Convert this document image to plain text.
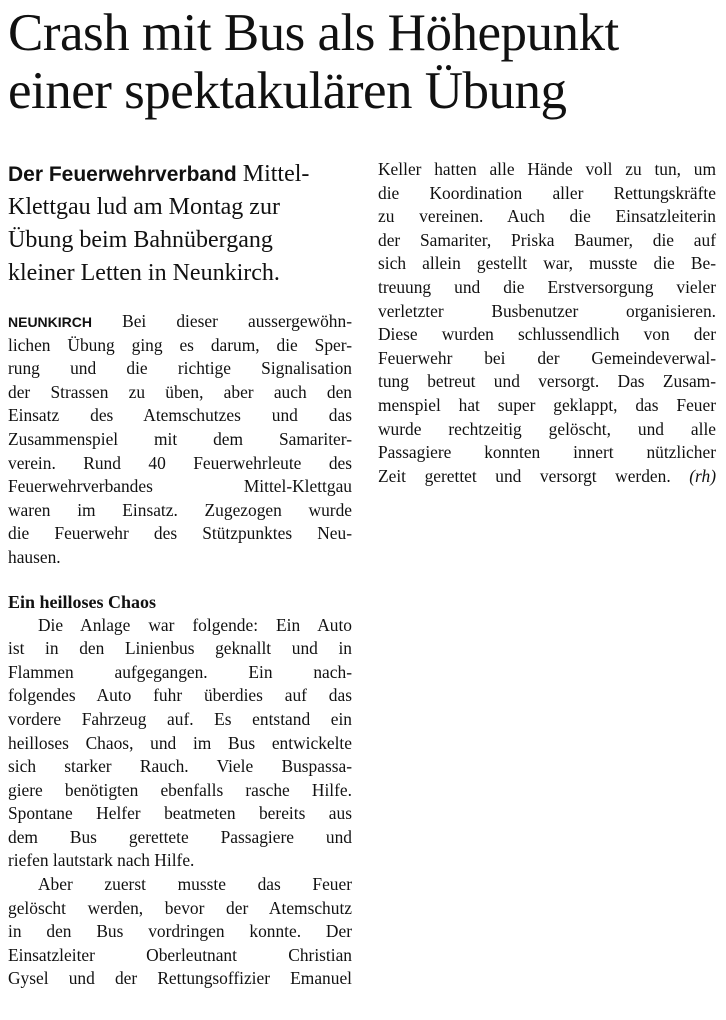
Crash mit Bus als Höhepunkt
einer spektakulären Übung

Der Feuerwehrverband Mittel-
Klettgau lud am Montag zur
Übung beim Bahnübergang
kleiner Letten in Neunkirch.

NEUNKIRCH Bei dieser aussergewöhn-
lichen Übung ging es darum, die Sper-
rung und die richtige Signalisation
der Strassen zu üben, aber auch den
Einsatz des Atemschutzes und das
Zusammenspiel mit dem Samariter-
verein. Rund 40 Feuerwehrleute des
Feuerwehrverbandes Mittel-Klettgau
waren im Einsatz. Zugezogen wurde
die Feuerwehr des Stützpunktes Neu-
hausen.
Ein heilloses Chaos
Die Anlage war folgende: Ein Auto
ist in den Linienbus geknallt und in
Flammen aufgegangen. Ein nach-
folgendes Auto fuhr überdies auf das
vordere Fahrzeug auf. Es entstand ein
heilloses Chaos, und im Bus entwickelte
sich starker Rauch. Viele Buspassa-
giere benötigten ebenfalls rasche Hilfe.
Spontane Helfer beatmeten bereits aus
dem Bus gerettete Passagiere und
riefen lautstark nach Hilfe.
Aber zuerst musste das Feuer
gelöscht werden, bevor der Atemschutz
in den Bus vordringen konnte. Der
Einsatzleiter Oberleutnant Christian
Gysel und der Rettungsoffizier Emanuel
Keller hatten alle Hände voll zu tun, um
die Koordination aller Rettungskräfte
zu vereinen. Auch die Einsatzleiterin
der Samariter, Priska Baumer, die auf
sich allein gestellt war, musste die Be-
treuung und die Erstversorgung vieler
verletzter Busbenutzer organisieren.
Diese wurden schlussendlich von der
Feuerwehr bei der Gemeindeverwal-
tung betreut und versorgt. Das Zusam-
menspiel hat super geklappt, das Feuer
wurde rechtzeitig gelöscht, und alle
Passagiere konnten innert nützlicher
Zeit gerettet und versorgt werden. (rh)
